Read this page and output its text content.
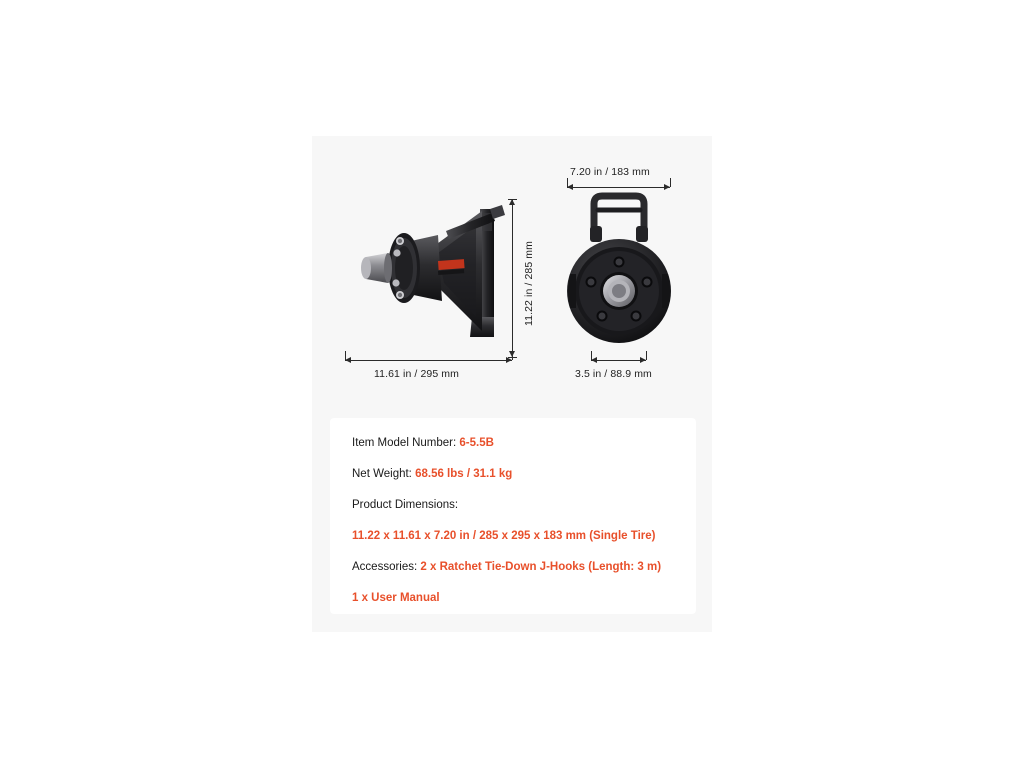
11.22 in / 285 mm
11.61 in / 295 mm
7.20 in / 183 mm
3.5 in / 88.9 mm
Item Model Number: 6-5.5B
Net Weight: 68.56 lbs / 31.1 kg
Product Dimensions:
11.22 x 11.61 x 7.20 in / 285 x 295 x 183 mm (Single Tire)
Accessories: 2 x Ratchet Tie-Down J-Hooks (Length: 3 m)
1 x User Manual
